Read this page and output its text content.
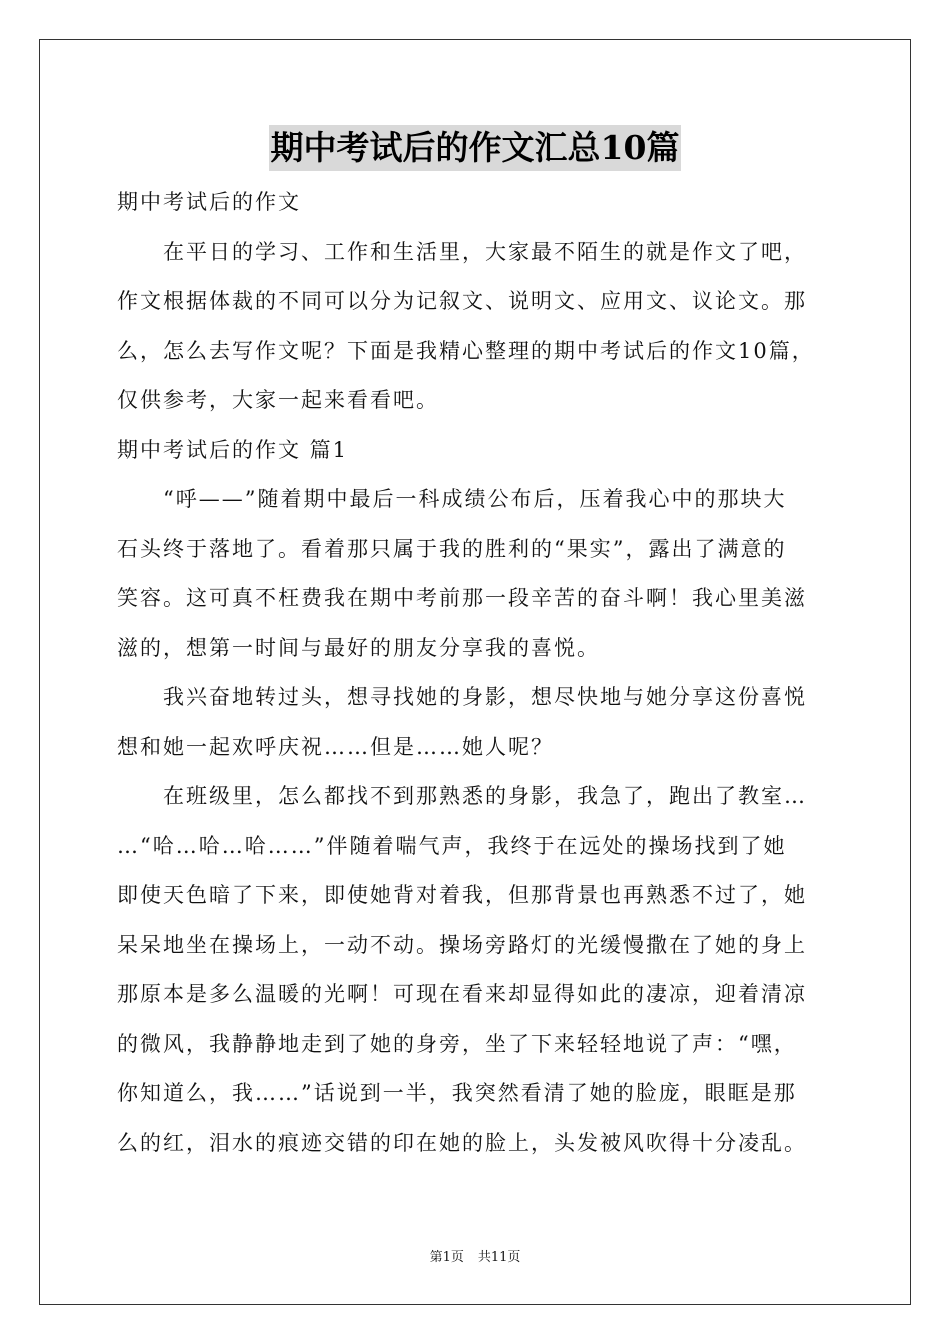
期中考试后的作文汇总10篇

期中考试后的作文

在平日的学习、工作和生活里，大家最不陌生的就是作文了吧，

作文根据体裁的不同可以分为记叙文、说明文、应用文、议论文。那

么，怎么去写作文呢？下面是我精心整理的期中考试后的作文10篇，

仅供参考，大家一起来看看吧。

期中考试后的作文 篇1

“呼——”随着期中最后一科成绩公布后，压着我心中的那块大

石头终于落地了。看着那只属于我的胜利的“果实”，露出了满意的

笑容。这可真不枉费我在期中考前那一段辛苦的奋斗啊！我心里美滋

滋的，想第一时间与最好的朋友分享我的喜悦。

我兴奋地转过头，想寻找她的身影，想尽快地与她分享这份喜悦

想和她一起欢呼庆祝……但是……她人呢？

在班级里，怎么都找不到那熟悉的身影，我急了，跑出了教室…

…“哈…哈…哈……”伴随着喘气声，我终于在远处的操场找到了她

即使天色暗了下来，即使她背对着我，但那背景也再熟悉不过了，她

呆呆地坐在操场上，一动不动。操场旁路灯的光缓慢撒在了她的身上

那原本是多么温暖的光啊！可现在看来却显得如此的凄凉，迎着清凉

的微风，我静静地走到了她的身旁，坐了下来轻轻地说了声：“嘿，

你知道么，我……”话说到一半，我突然看清了她的脸庞，眼眶是那

么的红，泪水的痕迹交错的印在她的脸上，头发被风吹得十分凌乱。

第1页 共11页
